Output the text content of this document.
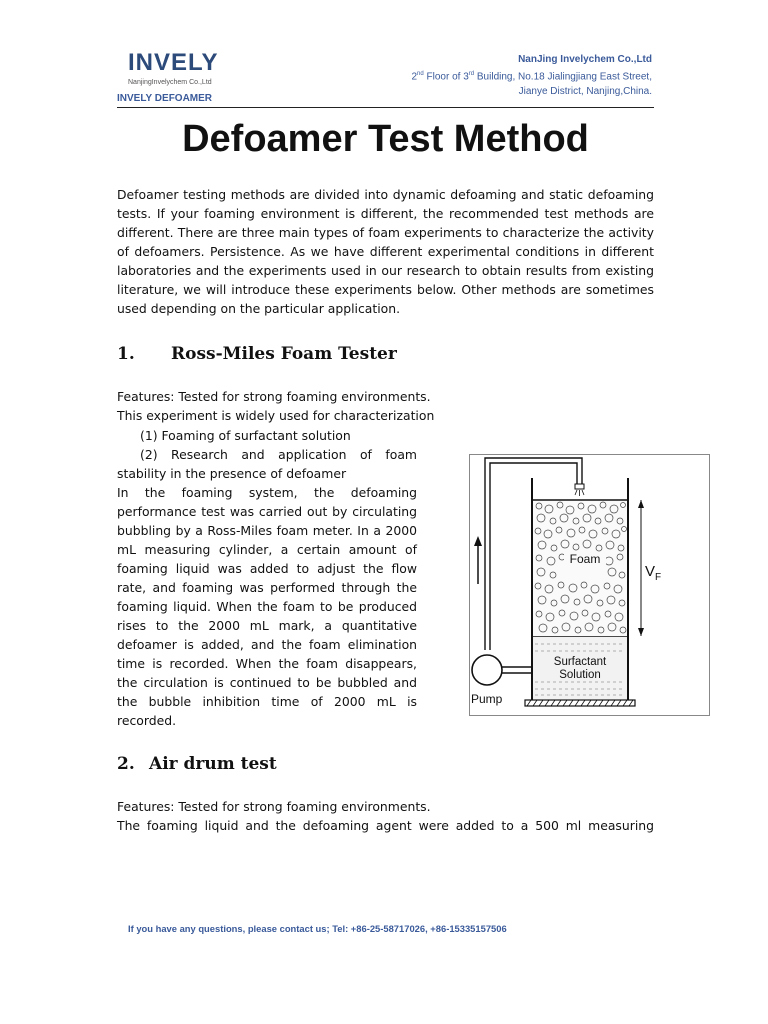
INVELY
NanjingInvelychem Co.,Ltd
INVELY DEFOAMER
NanJing Invelychem Co.,Ltd
2nd Floor of 3rd Building, No.18 Jialingjiang East Street,
Jianye District, Nanjing,China.
Defoamer Test Method
Defoamer testing methods are divided into dynamic defoaming and static defoaming tests. If your foaming environment is different, the recommended test methods are different. There are three main types of foam experiments to characterize the activity of defoamers. Persistence. As we have different experimental conditions in different laboratories and the experiments used in our research to obtain results from existing literature, we will introduce these experiments below. Other methods are sometimes used depending on the particular application.
1. Ross-Miles Foam Tester
Features: Tested for strong foaming environments.
This experiment is widely used for characterization
(1) Foaming of surfactant solution
(2) Research and application of foam
stability in the presence of defoamer
In the foaming system, the defoaming performance test was carried out by circulating bubbling by a Ross-Miles foam meter. In a 2000 mL measuring cylinder, a certain amount of foaming liquid was added to adjust the flow rate, and foaming was performed through the foaming liquid. When the foam to be produced rises to the 2000 mL mark, a quantitative defoamer is added, and the foam elimination time is recorded. When the foam disappears, the circulation is continued to be bubbled and the bubble inhibition time of 2000 mL is recorded.
Foam
$V_F$
Surfactant
Solution
Pump
2. Air drum test
Features: Tested for strong foaming environments.
The foaming liquid and the defoaming agent were added to a 500 ml measuring
If you have any questions, please contact us; Tel: +86-25-58717026, +86-15335157506
